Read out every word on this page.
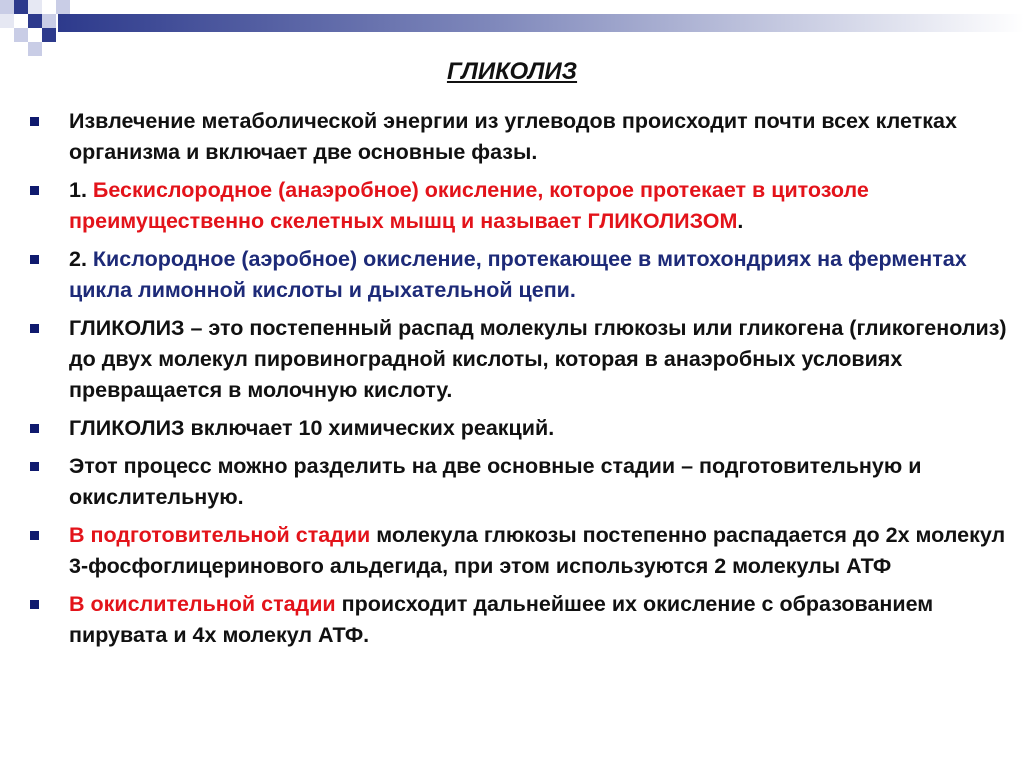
ГЛИКОЛИЗ
Извлечение метаболической энергии из углеводов происходит почти всех клетках организма и включает две основные фазы.
1. Бескислородное (анаэробное) окисление, которое протекает в цитозоле преимущественно скелетных мышц и называет ГЛИКОЛИЗОМ.
2. Кислородное (аэробное) окисление, протекающее в митохондриях на ферментах цикла лимонной кислоты и дыхательной цепи.
ГЛИКОЛИЗ – это постепенный распад молекулы глюкозы или гликогена (гликогенолиз) до двух молекул пировиноградной кислоты, которая в анаэробных условиях превращается в молочную кислоту.
ГЛИКОЛИЗ включает 10 химических реакций.
Этот процесс можно разделить на две основные стадии – подготовительную и окислительную.
В подготовительной стадии молекула глюкозы постепенно распадается до 2х молекул 3-фосфоглицеринового альдегида, при этом используются 2 молекулы АТФ
В окислительной стадии происходит дальнейшее их окисление с образованием пирувата и 4х молекул АТФ.
